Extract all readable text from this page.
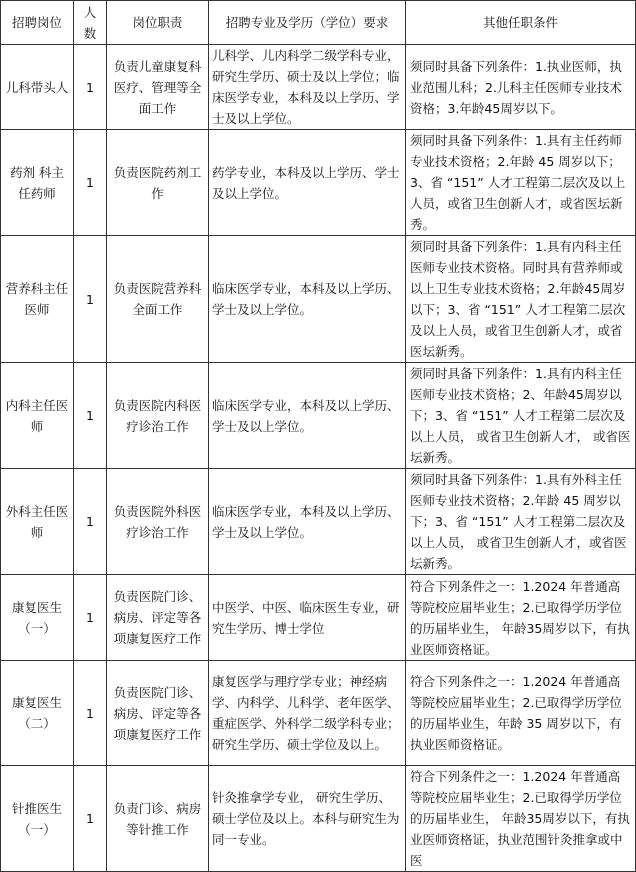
招聘岗位	人数	岗位职责	招聘专业及学历（学位）要求	其他任职条件
儿科带头人	1	负责儿童康复科医疗、管理等全面工作	儿科学、儿内科学二级学科专业，研究生学历、硕士及以上学位；临床医学专业，本科及以上学历、学士及以上学位。	须同时具备下列条件：1.执业医师，执业范围儿科；2.儿科主任医师专业技术资格；3.年龄45周岁以下。
药剂 科主任药师	1	负责医院药剂工作	药学专业，本科及以上学历、学士及以上学位。	须同时具备下列条件：1.具有主任药师专业技术资格；2.年龄 45 周岁以下；3、省 “151” 人才工程第二层次及以上人员，或省卫生创新人才，或省医坛新秀。
营养科主任医师	1	负责医院营养科全面工作	临床医学专业，本科及以上学历、学士及以上学位。	须同时具备下列条件：1.具有内科主任医师专业技术资格。同时具有营养师或以上卫生专业技术资格；2.年龄45周岁以下；3、省 “151” 人才工程第二层次及以上人员，或省卫生创新人才，或省医坛新秀。
内科主任医师	1	负责医院内科医疗诊治工作	临床医学专业，本科及以上学历、学士及以上学位。	须同时具备下列条件：1.具有内科主任医师专业技术资格；2、年龄45周岁以下；3、省 “151” 人才工程第二层次及以上人员， 或省卫生创新人才， 或省医坛新秀。
外科主任医师	1	负责医院外科医疗诊治工作	临床医学专业，本科及以上学历、学士及以上学位。	须同时具备下列条件：1.具有外科主任医师专业技术资格；2.年龄 45 周岁以下；3、省 “151” 人才工程第二层次及以上人员， 或省卫生创新人才，或省医坛新秀。
康复医生（一）	1	负责医院门诊、病房、评定等各项康复医疗工作	中医学、中医、临床医生专业，研究生学历、博士学位	符合下列条件之一：1.2024 年普通高等院校应届毕业生；2.已取得学历学位的历届毕业生， 年龄35周岁以下，有执业医师资格证。
康复医生（二）	1	负责医院门诊、病房、评定等各项康复医疗工作	康复医学与理疗学专业；神经病学、内科学、儿科学、老年医学、重症医学、外科学二级学科专业；研究生学历、硕士学位及以上。	符合下列条件之一：1.2024 年普通高等院校应届毕业生；2.已取得学历学位的历届毕业生，年龄 35 周岁以下，有执业医师资格证。
针推医生（一）	1	负责门诊、病房等针推工作	针灸推拿学专业， 研究生学历、硕士学位及以上。本科与研究生为同一专业。	符合下列条件之一：1.2024 年普通高等院校应届毕业生；2.已取得学历学位的历届毕业生， 年龄35周岁以下，有执业医师资格证，执业范围针灸推拿或中医
